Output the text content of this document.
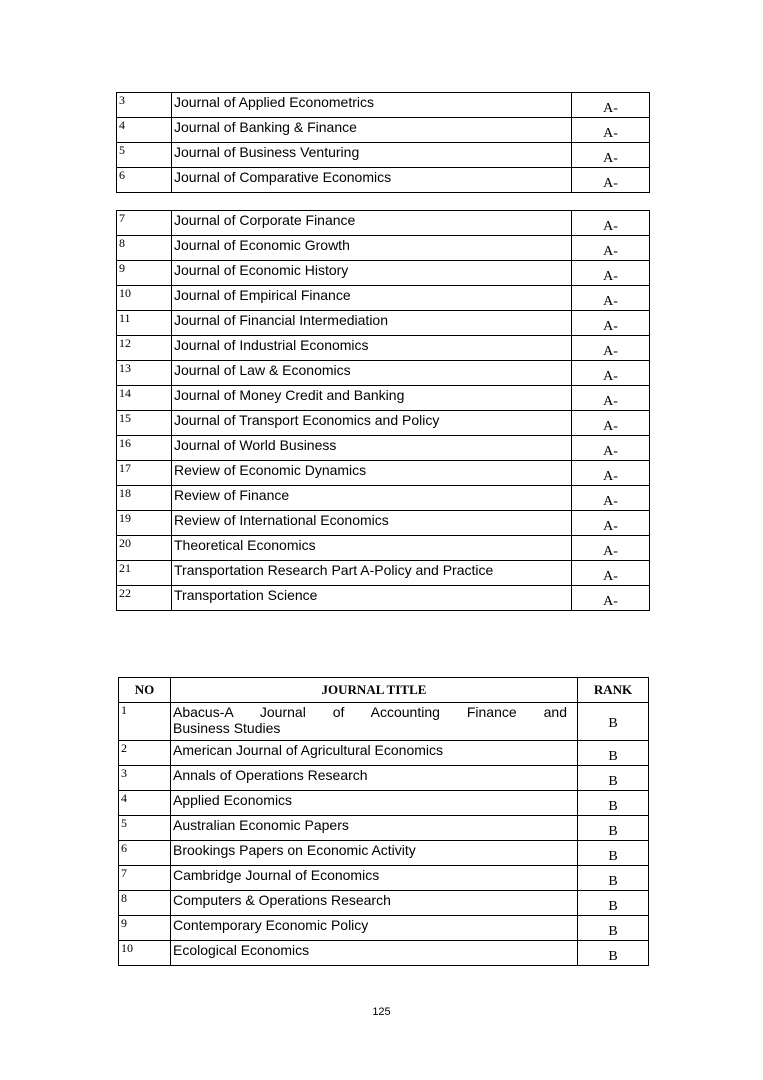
3	Journal of Applied Econometrics	A-
4	Journal of Banking & Finance	A-
5	Journal of Business Venturing	A-
6	Journal of Comparative Economics	A-
7	Journal of Corporate Finance	A-
8	Journal of Economic Growth	A-
9	Journal of Economic History	A-
10	Journal of Empirical Finance	A-
11	Journal of Financial Intermediation	A-
12	Journal of Industrial Economics	A-
13	Journal of Law & Economics	A-
14	Journal of Money Credit and Banking	A-
15	Journal of Transport Economics and Policy	A-
16	Journal of World Business	A-
17	Review of Economic Dynamics	A-
18	Review of Finance	A-
19	Review of International Economics	A-
20	Theoretical Economics	A-
21	Transportation Research Part A-Policy and Practice	A-
22	Transportation Science	A-
NO	JOURNAL TITLE	RANK
1	Abacus-A Journal of Accounting Finance and
Business Studies	B
2	American Journal of Agricultural Economics	B
3	Annals of Operations Research	B
4	Applied Economics	B
5	Australian Economic Papers	B
6	Brookings Papers on Economic Activity	B
7	Cambridge Journal of Economics	B
8	Computers & Operations Research	B
9	Contemporary Economic Policy	B
10	Ecological Economics	B
125
